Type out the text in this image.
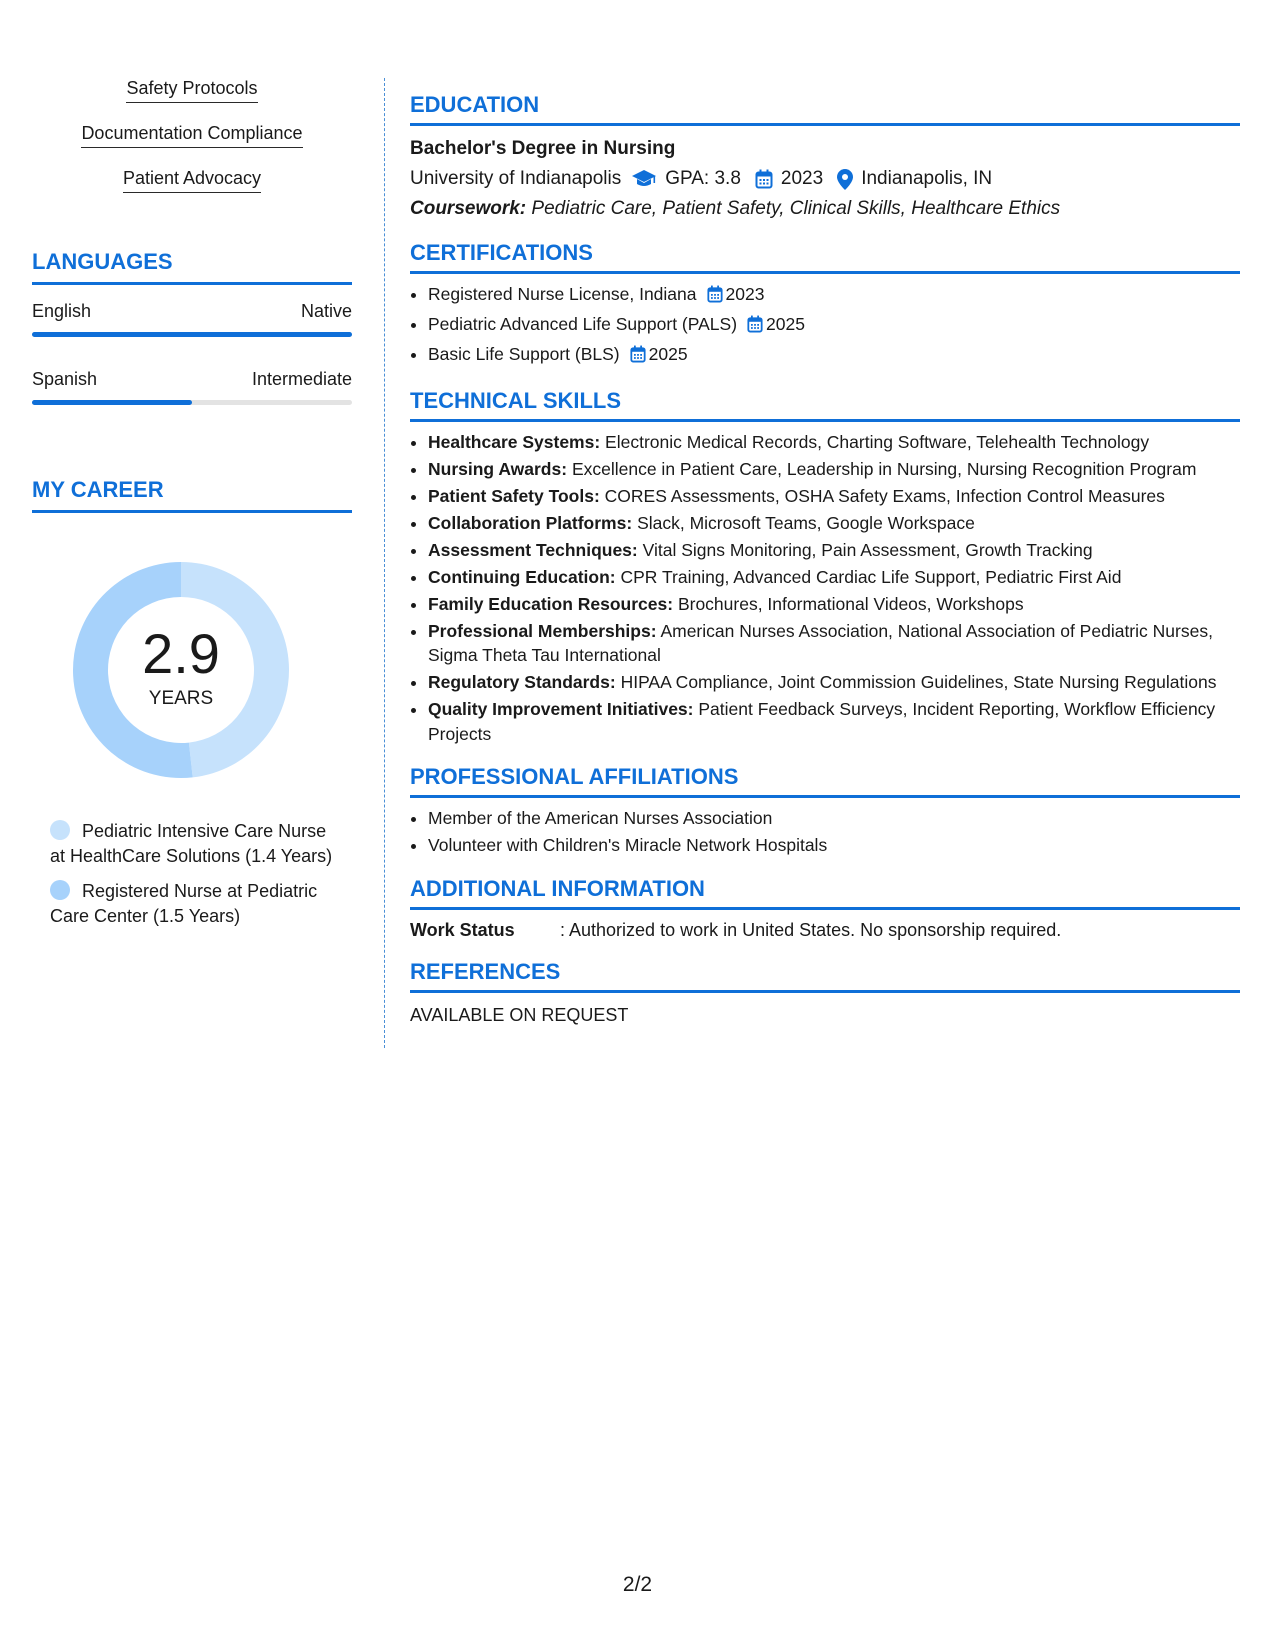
Safety Protocols
Documentation Compliance
Patient Advocacy
LANGUAGES
English	Native
Spanish	Intermediate
MY CAREER
2.9
YEARS
Pediatric Intensive Care Nurse at HealthCare Solutions (1.4 Years)
Registered Nurse at Pediatric Care Center (1.5 Years)
EDUCATION
Bachelor's Degree in Nursing
University of Indianapolis GPA: 3.8 2023 Indianapolis, IN
Coursework: Pediatric Care, Patient Safety, Clinical Skills, Healthcare Ethics
CERTIFICATIONS
• Registered Nurse License, Indiana 2023
• Pediatric Advanced Life Support (PALS) 2025
• Basic Life Support (BLS) 2025
TECHNICAL SKILLS
• Healthcare Systems: Electronic Medical Records, Charting Software, Telehealth Technology
• Nursing Awards: Excellence in Patient Care, Leadership in Nursing, Nursing Recognition Program
• Patient Safety Tools: CORES Assessments, OSHA Safety Exams, Infection Control Measures
• Collaboration Platforms: Slack, Microsoft Teams, Google Workspace
• Assessment Techniques: Vital Signs Monitoring, Pain Assessment, Growth Tracking
• Continuing Education: CPR Training, Advanced Cardiac Life Support, Pediatric First Aid
• Family Education Resources: Brochures, Informational Videos, Workshops
• Professional Memberships: American Nurses Association, National Association of Pediatric Nurses, Sigma Theta Tau International
• Regulatory Standards: HIPAA Compliance, Joint Commission Guidelines, State Nursing Regulations
• Quality Improvement Initiatives: Patient Feedback Surveys, Incident Reporting, Workflow Efficiency Projects
PROFESSIONAL AFFILIATIONS
• Member of the American Nurses Association
• Volunteer with Children's Miracle Network Hospitals
ADDITIONAL INFORMATION
Work Status	: Authorized to work in United States. No sponsorship required.
REFERENCES
AVAILABLE ON REQUEST
2/2
